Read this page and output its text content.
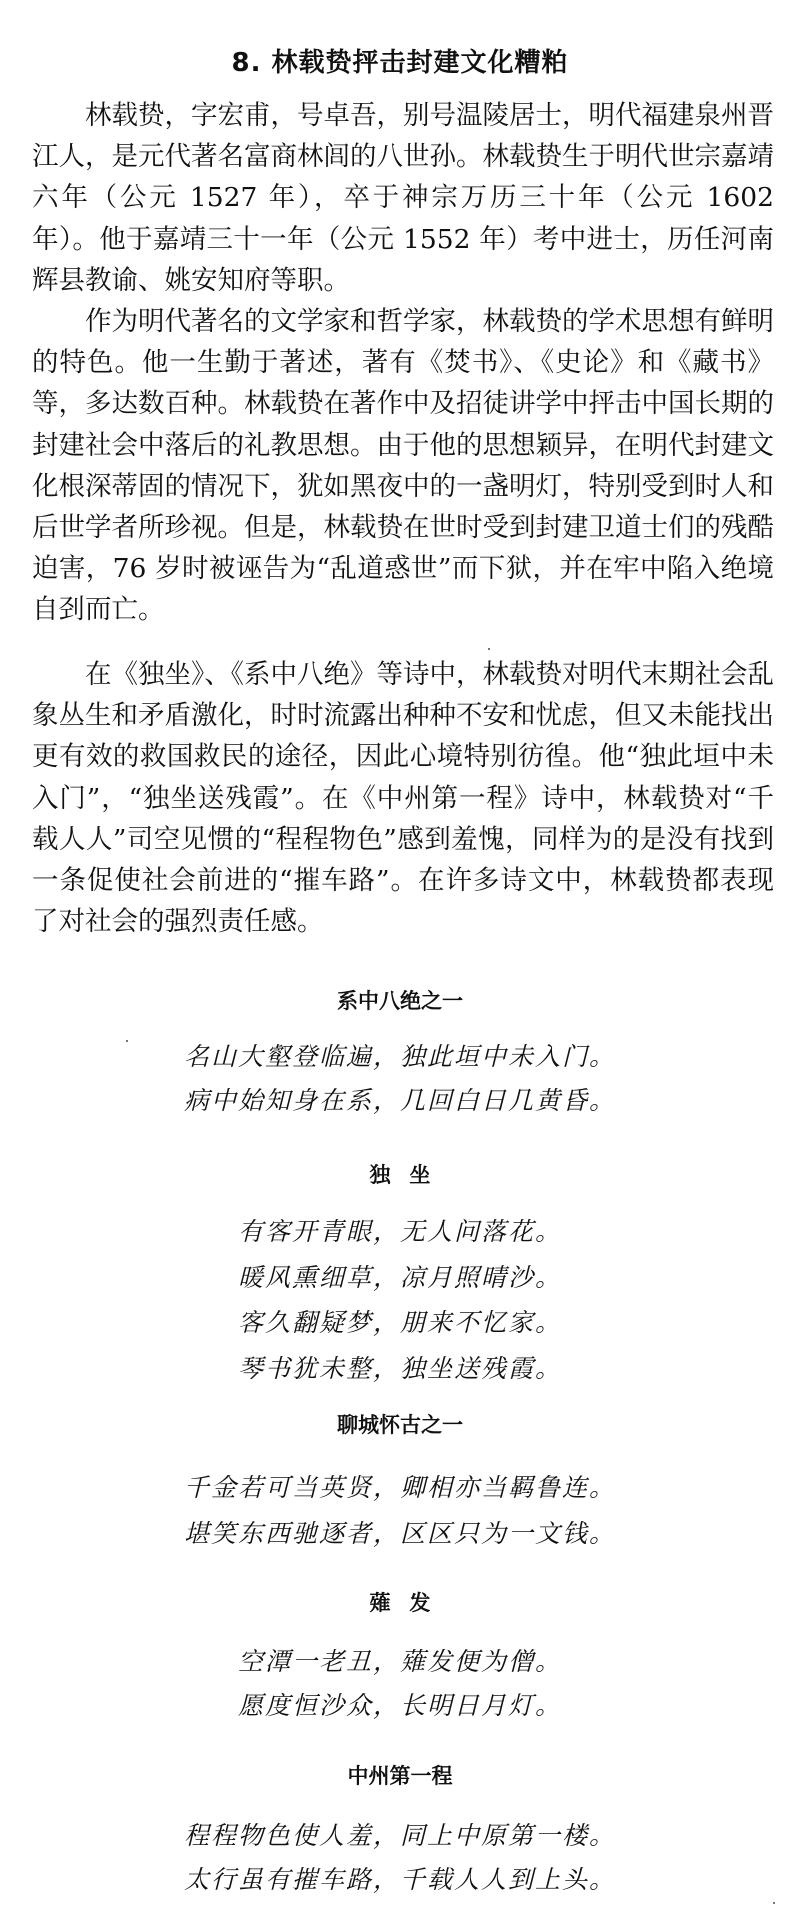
8. 林载贽抨击封建文化糟粕

林载贽，字宏甫，号卓吾，别号温陵居士，明代福建泉州晋江人，是元代著名富商林闾的八世孙。林载贽生于明代世宗嘉靖六年（公元 1527 年），卒于神宗万历三十年（公元 1602 年）。他于嘉靖三十一年（公元 1552 年）考中进士，历任河南辉县教谕、姚安知府等职。

作为明代著名的文学家和哲学家，林载贽的学术思想有鲜明的特色。他一生勤于著述，著有《焚书》、《史论》和《藏书》等，多达数百种。林载贽在著作中及招徒讲学中抨击中国长期的封建社会中落后的礼教思想。由于他的思想颖异，在明代封建文化根深蒂固的情况下，犹如黑夜中的一盏明灯，特别受到时人和后世学者所珍视。但是，林载贽在世时受到封建卫道士们的残酷迫害，76 岁时被诬告为“乱道惑世”而下狱，并在牢中陷入绝境自刭而亡。

在《独坐》、《系中八绝》等诗中，林载贽对明代末期社会乱象丛生和矛盾激化，时时流露出种种不安和忧虑，但又未能找出更有效的救国救民的途径，因此心境特别彷徨。他“独此垣中未入门”，“独坐送残霞”。在《中州第一程》诗中，林载贽对“千载人人”司空见惯的“程程物色”感到羞愧，同样为的是没有找到一条促使社会前进的“摧车路”。在许多诗文中，林载贽都表现了对社会的强烈责任感。

系中八绝之一
名山大壑登临遍，独此垣中未入门。
病中始知身在系，几回白日几黄昏。
独坐
有客开青眼，无人问落花。
暖风熏细草，凉月照晴沙。
客久翻疑梦，朋来不忆家。
琴书犹未整，独坐送残霞。
聊城怀古之一
千金若可当英贤，卿相亦当羁鲁连。
堪笑东西驰逐者，区区只为一文钱。
薙发
空潭一老丑，薙发便为僧。
愿度恒沙众，长明日月灯。
中州第一程
程程物色使人羞，同上中原第一楼。
太行虽有摧车路，千载人人到上头。
